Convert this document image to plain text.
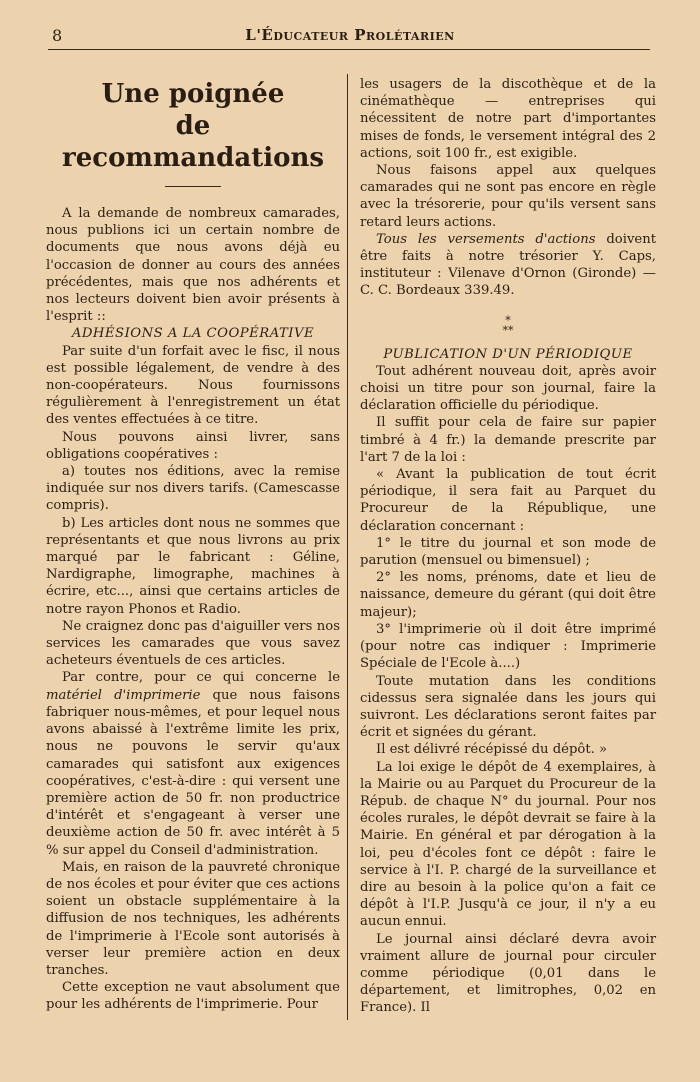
8	L'Éducateur Prolétarien
Une poignée
de recommandations

A la demande de nombreux camarades, nous publions ici un certain nombre de documents que nous avons déjà eu l'occasion de donner au cours des années précédentes, mais que nos adhérents et nos lecteurs doivent bien avoir présents à l'esprit ::

ADHÉSIONS A LA COOPÉRATIVE

Par suite d'un forfait avec le fisc, il nous est possible légalement, de vendre à des non-coopérateurs. Nous fournissons régulièrement à l'enregistrement un état des ventes effectuées à ce titre.

Nous pouvons ainsi livrer, sans obligations coopératives :

a) toutes nos éditions, avec la remise indiquée sur nos divers tarifs. (Camescasse compris).

b) Les articles dont nous ne sommes que représentants et que nous livrons au prix marqué par le fabricant : Géline, Nardigraphe, limographe, machines à écrire, etc..., ainsi que certains articles de notre rayon Phonos et Radio.

Ne craignez donc pas d'aiguiller vers nos services les camarades que vous savez acheteurs éventuels de ces articles.

Par contre, pour ce qui concerne le matériel d'imprimerie que nous faisons fabriquer nous-mêmes, et pour lequel nous avons abaissé à l'extrême limite les prix, nous ne pouvons le servir qu'aux camarades qui satisfont aux exigences coopératives, c'est-à-dire : qui versent une première action de 50 fr. non productrice d'intérêt et s'engageant à verser une deuxième action de 50 fr. avec intérêt à 5 % sur appel du Conseil d'administration.

Mais, en raison de la pauvreté chronique de nos écoles et pour éviter que ces actions soient un obstacle supplémentaire à la diffusion de nos techniques, les adhérents de l'imprimerie à l'Ecole sont autorisés à verser leur première action en deux tranches.

Cette exception ne vaut absolument que pour les adhérents de l'imprimerie. Pour

les usagers de la discothèque et de la cinémathèque — entreprises qui nécessitent de notre part d'importantes mises de fonds, le versement intégral des 2 actions, soit 100 fr., est exigible.

Nous faisons appel aux quelques camarades qui ne sont pas encore en règle avec la trésorerie, pour qu'ils versent sans retard leurs actions.

Tous les versements d'actions doivent être faits à notre trésorier Y. Caps, instituteur : Vilenave d'Ornon (Gironde) — C. C. Bordeaux 339.49.

*
**

PUBLICATION D'UN PÉRIODIQUE

Tout adhérent nouveau doit, après avoir choisi un titre pour son journal, faire la déclaration officielle du périodique.

Il suffit pour cela de faire sur papier timbré à 4 fr.) la demande prescrite par l'art 7 de la loi :

« Avant la publication de tout écrit périodique, il sera fait au Parquet du Procureur de la République, une déclaration concernant :

1° le titre du journal et son mode de parution (mensuel ou bimensuel) ;

2° les noms, prénoms, date et lieu de naissance, demeure du gérant (qui doit être majeur);

3° l'imprimerie où il doit être imprimé (pour notre cas indiquer : Imprimerie Spéciale de l'Ecole à....)

Toute mutation dans les conditions cidessus sera signalée dans les jours qui suivront. Les déclarations seront faites par écrit et signées du gérant.

Il est délivré récépissé du dépôt. »

La loi exige le dépôt de 4 exemplaires, à la Mairie ou au Parquet du Procureur de la Répub. de chaque N° du journal. Pour nos écoles rurales, le dépôt devrait se faire à la Mairie. En général et par dérogation à la loi, peu d'écoles font ce dépôt : faire le service à l'I. P. chargé de la surveillance et dire au besoin à la police qu'on a fait ce dépôt à l'I.P. Jusqu'à ce jour, il n'y a eu aucun ennui.

Le journal ainsi déclaré devra avoir vraiment allure de journal pour circuler comme périodique (0,01 dans le département, et limitrophes, 0,02 en France). Il
